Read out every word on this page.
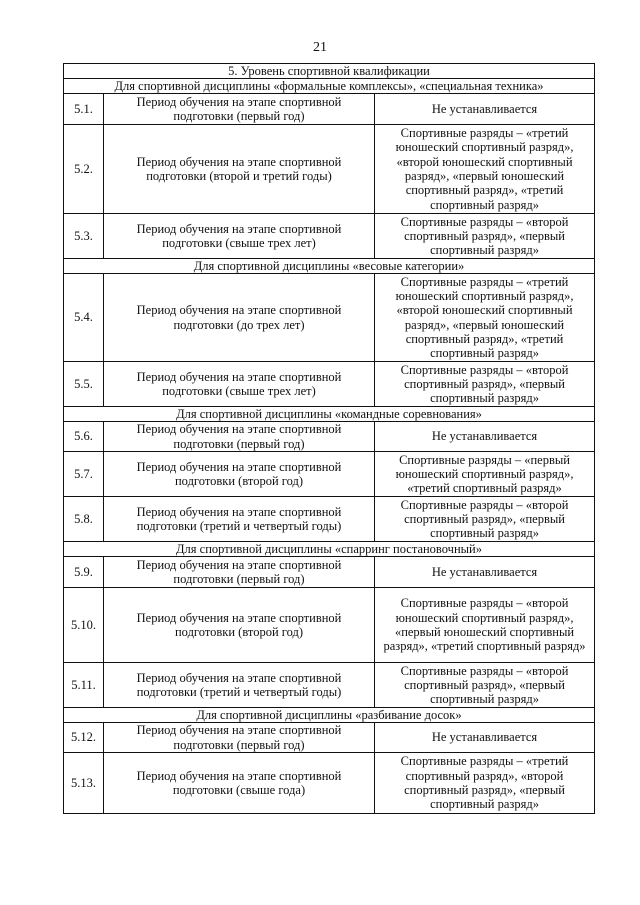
21
5. Уровень спортивной квалификации		
Для спортивной дисциплины «формальные комплексы», «специальная техника»		
5.1.	Период обучения на этапе спортивной подготовки (первый год)	Не устанавливается
5.2.	Период обучения на этапе спортивной подготовки (второй и третий годы)	Спортивные разряды – «третий юношеский спортивный разряд», «второй юношеский спортивный разряд», «первый юношеский спортивный разряд», «третий спортивный разряд»
5.3.	Период обучения на этапе спортивной подготовки (свыше трех лет)	Спортивные разряды – «второй спортивный разряд», «первый спортивный разряд»
Для спортивной дисциплины «весовые категории»		
5.4.	Период обучения на этапе спортивной подготовки (до трех лет)	Спортивные разряды – «третий юношеский спортивный разряд», «второй юношеский спортивный разряд», «первый юношеский спортивный разряд», «третий спортивный разряд»
5.5.	Период обучения на этапе спортивной подготовки (свыше трех лет)	Спортивные разряды – «второй спортивный разряд», «первый спортивный разряд»
Для спортивной дисциплины «командные соревнования»		
5.6.	Период обучения на этапе спортивной подготовки (первый год)	Не устанавливается
5.7.	Период обучения на этапе спортивной подготовки (второй год)	Спортивные разряды – «первый юношеский спортивный разряд», «третий спортивный разряд»
5.8.	Период обучения на этапе спортивной подготовки (третий и четвертый годы)	Спортивные разряды – «второй спортивный разряд», «первый спортивный разряд»
Для спортивной дисциплины «спарринг постановочный»		
5.9.	Период обучения на этапе спортивной подготовки (первый год)	Не устанавливается
5.10.	Период обучения на этапе спортивной подготовки (второй год)	Спортивные разряды – «второй юношеский спортивный разряд», «первый юношеский спортивный разряд», «третий спортивный разряд»
5.11.	Период обучения на этапе спортивной подготовки (третий и четвертый годы)	Спортивные разряды – «второй спортивный разряд», «первый спортивный разряд»
Для спортивной дисциплины «разбивание досок»		
5.12.	Период обучения на этапе спортивной подготовки (первый год)	Не устанавливается
5.13.	Период обучения на этапе спортивной подготовки (свыше года)	Спортивные разряды – «третий спортивный разряд», «второй спортивный разряд», «первый спортивный разряд»
